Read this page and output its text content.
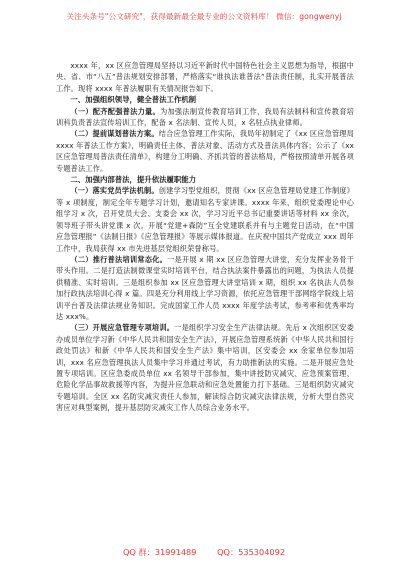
关注头条号"公文研究"，获得最新最全最专业的公文资料库！ 微信：gongwenyj

xxxx 年，xx 区应急管理局坚持以习近平新时代中国特色社会主义思想为指导，根据中央、省、市“八五”普法规划安排部署，严格落实“谁执法谁普法”普法责任制，扎实开展普法工作。现将 xxxx 年普法履职有关情况报告如下。

一、加强组织领导，健全普法工作机制

（一）配齐配强普法力量。为加强法制宣传教育培训工作，我局有法制科和宣传教育培训科负责普法宣传培训工作，配备 x 名法制、宣传人员，x 名驻点执业律师。

（二）提前谋划普法方案。结合应急管理工作实际，我局年初制定了《xx 区应急管理局 xxxx 年普法工作方案》，明确责任主体、普法对象、活动方式及普法具体内容；公示了《xx 区应急管理局普法责任清单》，构建分工明确、齐抓共管的普法格局，严格按照清单开展各项专题普法工作。

二、加强内部普法，提升依法履职能力

（一）落实党员学法机制。创建学习型党组织，贯彻《xx 区应急管理局党建工作制度》等 x 项制度，制定全年专题学习计划，邀请知名专家讲课。xxxx 年来，组织党委理论中心组学习 x 次，召开党员大会、支委会 xx 次，学习习近平总书记重要讲话等材料 xx 余次，领导班子带头讲党课 x 次。开展“党建+森防”互全党建联系并有与主题党日活动，在“中国应急管理报”《法制日报》《应急管理报》等展示媒体报道。在庆祝中国共产党成立 xxx 周年工作中，我局获得 xx 市先进基层党组织荣誉称号。

（二）推行普法培训常态化。一是开展 x 期 xx 区应急管理大讲堂，充分发挥业务骨干带头作用。二是打造法制微课堂实时培训平台，结合执法案件暴露出的问题，为执法人员提供精准、实时培训。三是组织参加 xx 区应急管理大讲堂培训 x 期，组织 xx 名执法人员参加行政执法培训心得 x 篇。四是充分利用线上学习资源，依托应急管理干部网络学院线上培训平台普及法律法规业务知识。完成国家工作人员 xxxx 年度学法考试，参考率和优秀率均达 xxx%。

（三）开展应急管理专项培训。一是组织学习安全生产法律法规。先后 x 次组织区安委办成员单位学习新《中华人民共和国安全生产法》，开展应急管理系统新《中华人民共和国行政处罚法》和新《中华人民共和国安全生产法》集中培训，区安委会 xx 余家单位参加培训，xxx 名应急管理执法人员集中学习并通过考试，有力助推新法的实施。二是开展应急处置专项培训。区应急委成员单位 xx 名领导干部参加，集中讲授防灾减灾、应急预案管理、危险化学品事故救援等内容，为提升应急联动和应急处置能力打下基础。三是组织防灾减灾专题培训。全区 xx 名防灾减灾责任人参加，解读综合防灾减灾法律法规，分析大型自然灾害应对典型案例，提升基层防灾减灾工作人员综合业务水平。

QQ 群：31991489	QQ：535304092
